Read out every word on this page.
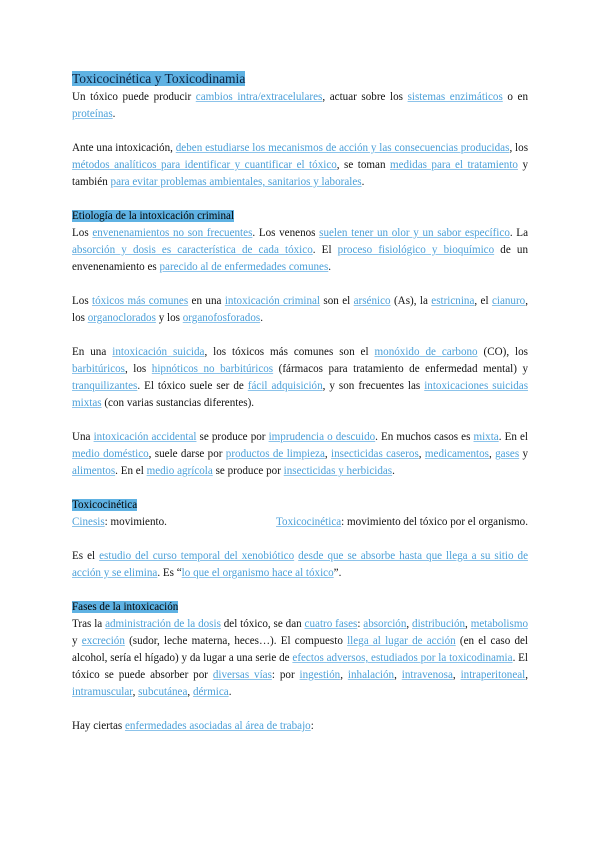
Toxicocinética y Toxicodinamia

Un tóxico puede producir cambios intra/extracelulares, actuar sobre los sistemas enzimáticos o en proteínas.

Ante una intoxicación, deben estudiarse los mecanismos de acción y las consecuencias producidas, los métodos analíticos para identificar y cuantificar el tóxico, se toman medidas para el tratamiento y también para evitar problemas ambientales, sanitarios y laborales.

Etiología de la intoxicación criminal

Los envenenamientos no son frecuentes. Los venenos suelen tener un olor y un sabor específico. La absorción y dosis es característica de cada tóxico. El proceso fisiológico y bioquímico de un envenenamiento es parecido al de enfermedades comunes.

Los tóxicos más comunes en una intoxicación criminal son el arsénico (As), la estricnina, el cianuro, los organoclorados y los organofosforados.

En una intoxicación suicida, los tóxicos más comunes son el monóxido de carbono (CO), los barbitúricos, los hipnóticos no barbitúricos (fármacos para tratamiento de enfermedad mental) y tranquilizantes. El tóxico suele ser de fácil adquisición, y son frecuentes las intoxicaciones suicidas mixtas (con varias sustancias diferentes).

Una intoxicación accidental se produce por imprudencia o descuido. En muchos casos es mixta. En el medio doméstico, suele darse por productos de limpieza, insecticidas caseros, medicamentos, gases y alimentos. En el medio agrícola se produce por insecticidas y herbicidas.

Toxicocinética

Cinesis: movimiento.	Toxicocinética: movimiento del tóxico por el organismo.

Es el estudio del curso temporal del xenobiótico desde que se absorbe hasta que llega a su sitio de acción y se elimina. Es “lo que el organismo hace al tóxico”.

Fases de la intoxicación

Tras la administración de la dosis del tóxico, se dan cuatro fases: absorción, distribución, metabolismo y excreción (sudor, leche materna, heces…). El compuesto llega al lugar de acción (en el caso del alcohol, sería el hígado) y da lugar a una serie de efectos adversos, estudiados por la toxicodinamia. El tóxico se puede absorber por diversas vías: por ingestión, inhalación, intravenosa, intraperitoneal, intramuscular, subcutánea, dérmica.

Hay ciertas enfermedades asociadas al área de trabajo:
